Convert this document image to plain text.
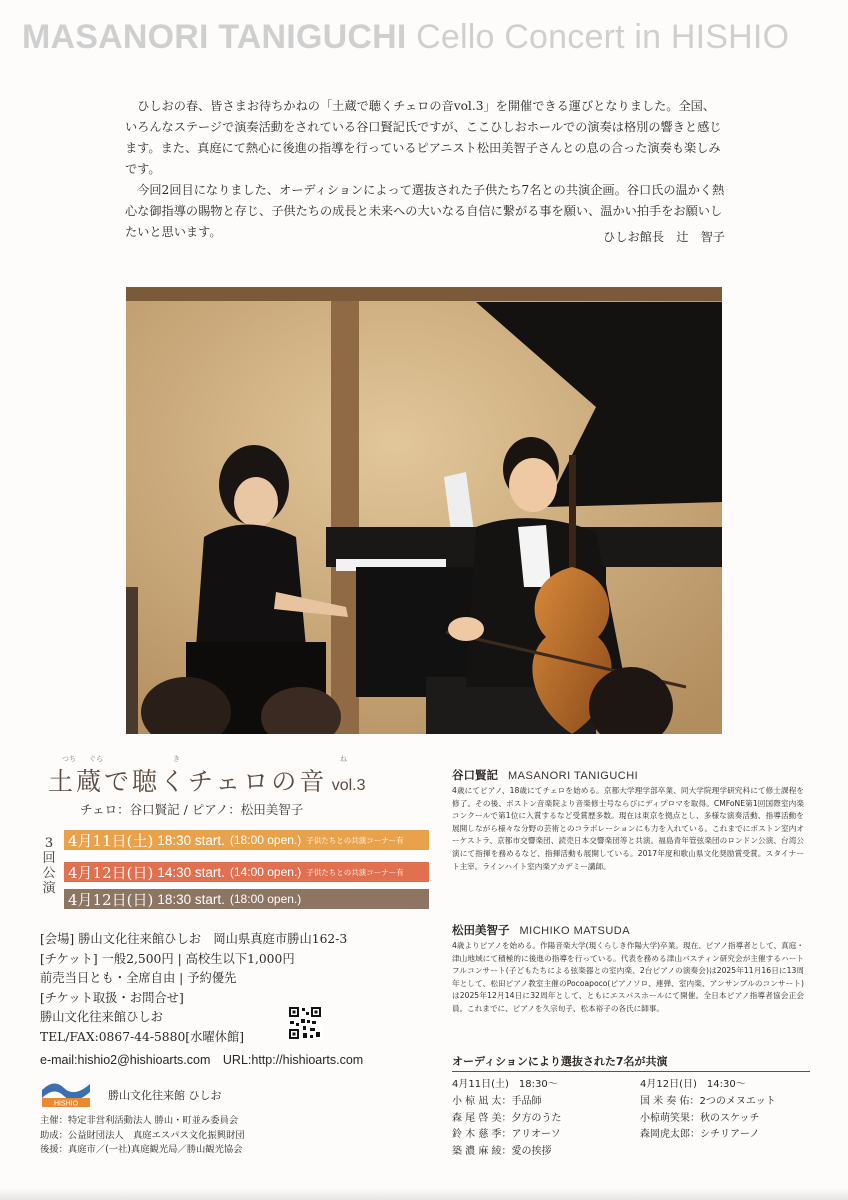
MASANORI TANIGUCHI Cello Concert in HISHIO

ひしおの春、皆さまお待ちかねの「土蔵で聴くチェロの音vol.3」を開催できる運びとなりました。全国、いろんなステージで演奏活動をされている谷口賢記氏ですが、ここひしおホールでの演奏は格別の響きと感じます。また、真庭にて熱心に後進の指導を行っているピアニスト松田美智子さんとの息の合った演奏も楽しみです。

今回2回目になりました、オーディションによって選抜された子供たち7名との共演企画。谷口氏の温かく熱心な御指導の賜物と存じ、子供たちの成長と未来への大いなる自信に繋がる事を願い、温かい拍手をお願いしたいと思います。	ひしお館長　辻　智子
つち ぐら	き	ね
土蔵で聴くチェロの音 vol.3
チェロ：谷口賢記 / ピアノ：松田美智子
3
回
公
演
4月11日(土) 18:30 start. (18:00 open.) 子供たちとの共演コーナー有
4月12日(日) 14:30 start. (14:00 open.) 子供たちとの共演コーナー有
4月12日(日) 18:30 start. (18:00 open.)
[会場] 勝山文化往来館ひしお　岡山県真庭市勝山162-3
[チケット] 一般2,500円 | 高校生以下1,000円
前売当日とも・全席自由 | 予約優先
[チケット取扱・お問合せ]
勝山文化往来館ひしお
TEL/FAX:0867-44-5880[水曜休館]
e-mail:hishio2@hishioarts.com　URL:http://hishioarts.com
HISHIO
勝山文化往来館 ひしお
主催：特定非営利活動法人 勝山・町並み委員会
助成：公益財団法人　真庭エスパス文化振興財団
後援：真庭市／(一社)真庭観光局／勝山観光協会
谷口賢記 MASANORI TANIGUCHI
4歳にてピアノ、18歳にてチェロを始める。京都大学理学部卒業、同大学院理学研究科にて修士課程を修了。その後、ボストン音楽院より音楽修士号ならびにディプロマを取得。CMFoNE第1回国際室内楽コンクールで第1位に入賞するなど受賞歴多数。現在は東京を拠点とし、多様な演奏活動、指導活動を展開しながら様々な分野の芸術とのコラボレーションにも力を入れている。これまでにボストン室内オーケストラ、京都市交響楽団、読売日本交響楽団等と共演。福島青年管弦楽団のロンドン公演、台湾公演にて指揮を務めるなど、指揮活動も展開している。2017年度和歌山県文化奨励賞受賞。スタイナート主宰。ラインハイト室内楽アカデミー講師。
松田美智子 MICHIKO MATSUDA
4歳よりピアノを始める。作陽音楽大学(現くらしき作陽大学)卒業。現在、ピアノ指導者として、真庭・津山地域にて積極的に後進の指導を行っている。代表を務める津山バスティン研究会が主催するハートフルコンサート(子どもたちによる弦楽器との室内楽、2台ピアノの演奏会)は2025年11月16日に13周年として、松田ピアノ教室主催のPocoapoco(ピアノソロ、連弾、室内楽、アンサンブルのコンサート)は2025年12月14日に32周年として、ともにエスパスホールにて開催。全日本ピアノ指導者協会正会員。これまでに、ピアノを久宗旬子、松本裕子の各氏に師事。
オーディションにより選抜された7名が共演
4月11日(土)　18:30～
小 椋 凪 太：手品師
森 尾 啓 美：夕方のうた
鈴 木 慈 季：アリオーソ
築 濃 麻 綾：愛の挨拶
4月12日(日)　14:30～
国 米 奏 佑：2つのメヌエット
小椋萌笑果：秋のスケッチ
森岡虎太郎：シチリアーノ
